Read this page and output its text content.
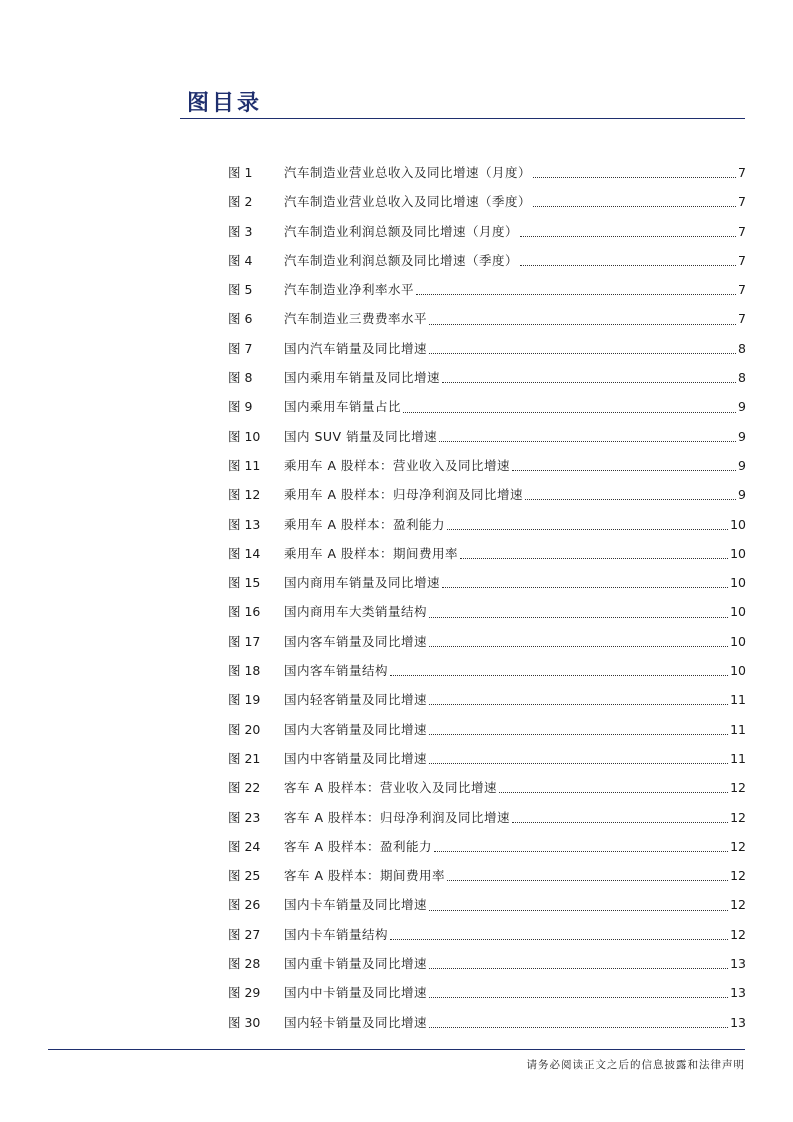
图目录
图 1	汽车制造业营业总收入及同比增速（月度）	7
图 2	汽车制造业营业总收入及同比增速（季度）	7
图 3	汽车制造业利润总额及同比增速（月度）	7
图 4	汽车制造业利润总额及同比增速（季度）	7
图 5	汽车制造业净利率水平	7
图 6	汽车制造业三费费率水平	7
图 7	国内汽车销量及同比增速	8
图 8	国内乘用车销量及同比增速	8
图 9	国内乘用车销量占比	9
图 10	国内 SUV 销量及同比增速	9
图 11	乘用车 A 股样本：营业收入及同比增速	9
图 12	乘用车 A 股样本：归母净利润及同比增速	9
图 13	乘用车 A 股样本：盈利能力	10
图 14	乘用车 A 股样本：期间费用率	10
图 15	国内商用车销量及同比增速	10
图 16	国内商用车大类销量结构	10
图 17	国内客车销量及同比增速	10
图 18	国内客车销量结构	10
图 19	国内轻客销量及同比增速	11
图 20	国内大客销量及同比增速	11
图 21	国内中客销量及同比增速	11
图 22	客车 A 股样本：营业收入及同比增速	12
图 23	客车 A 股样本：归母净利润及同比增速	12
图 24	客车 A 股样本：盈利能力	12
图 25	客车 A 股样本：期间费用率	12
图 26	国内卡车销量及同比增速	12
图 27	国内卡车销量结构	12
图 28	国内重卡销量及同比增速	13
图 29	国内中卡销量及同比增速	13
图 30	国内轻卡销量及同比增速	13
请务必阅读正文之后的信息披露和法律声明
